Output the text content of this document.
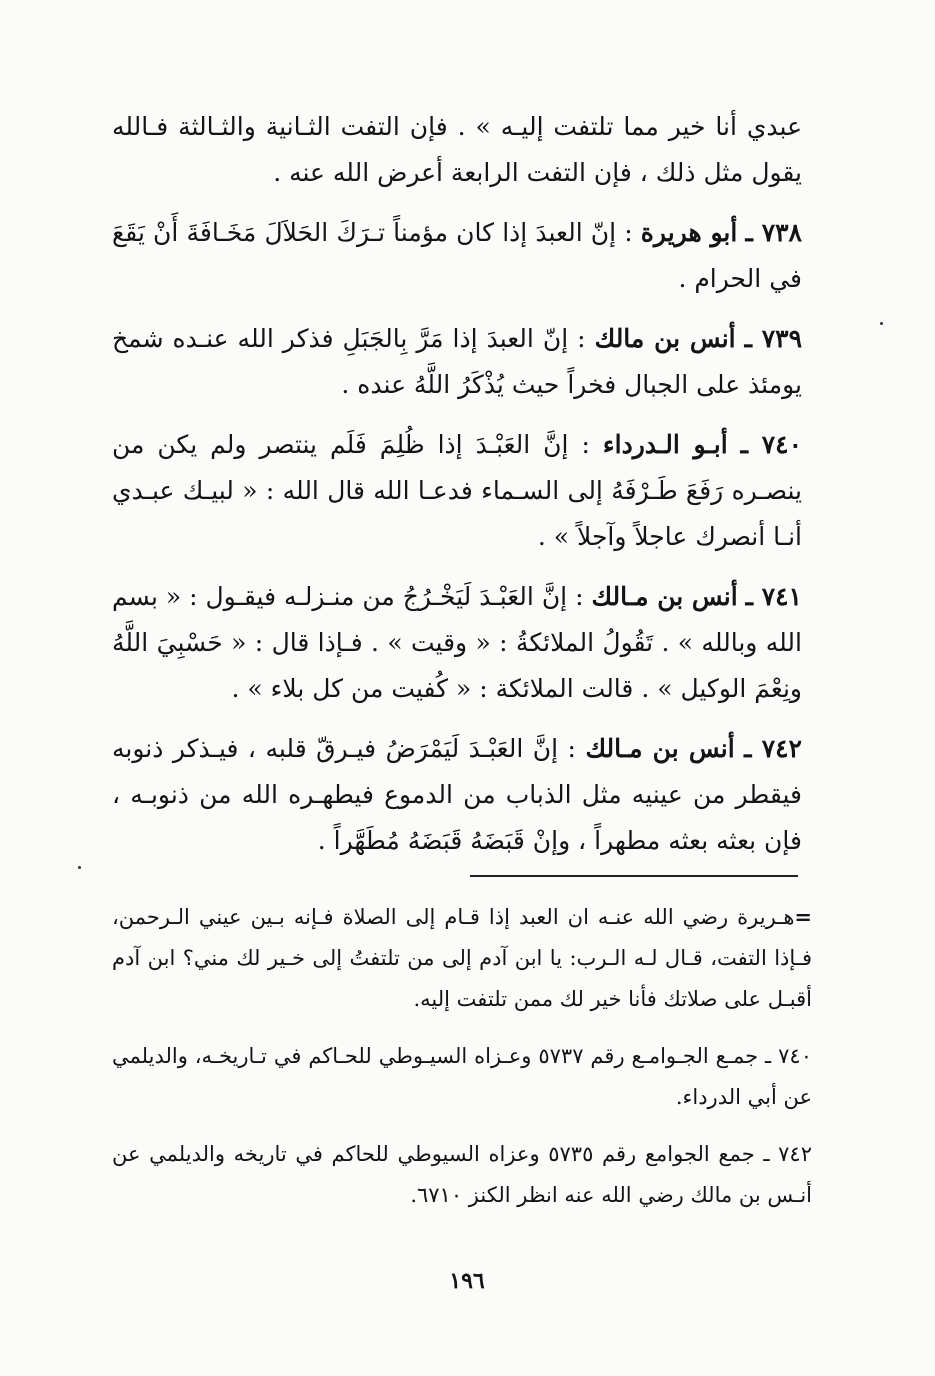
عبدي أنا خير مما تلتفت إليـه » . فإن التفت الثـانية والثـالثة فـالله يقول مثل ذلك ، فإن التفت الرابعة أعرض الله عنه .

٧٣٨ ـ أبو هريرة : إنّ العبدَ إذا كان مؤمناً تـرَكَ الحَلاَلَ مَخَـافَةَ أَنْ يَقَعَ في الحرام .

٧٣٩ ـ أنس بن مالك : إنّ العبدَ إذا مَرَّ بِالجَبَلِ فذكر الله عنـده شمخ يومئذ على الجبال فخراً حيث يُذْكَرُ اللَّهُ عنده .

٧٤٠ ـ أبـو الـدرداء : إنَّ العَبْـدَ إذا ظُلِمَ فَلَم ينتصر ولم يكن من ينصـره رَفَعَ طَـرْفَهُ إلى السـماء فدعـا الله قال الله : « لبيـك عبـدي أنـا أنصرك عاجلاً وآجلاً » .

٧٤١ ـ أنس بن مـالك : إنَّ العَبْـدَ لَيَخْـرُجُ من منـزلـه فيقـول : « بسم الله وبالله » . تَقُولُ الملائكةُ : « وقيت » . فـإذا قال : « حَسْبِيَ اللَّهُ ونِعْمَ الوكيل » . قالت الملائكة : « كُفيت من كل بلاء » .

٧٤٢ ـ أنس بن مـالك : إنَّ العَبْـدَ لَيَمْرَضُ فيـرقّ قلبه ، فيـذكر ذنوبه فيقطر من عينيه مثل الذباب من الدموع فيطهـره الله من ذنوبـه ، فإن بعثه بعثه مطهراً ، وإنْ قَبَضَهُ قَبَضَهُ مُطَهَّراً .

=هـريرة رضي الله عنـه ان العبد إذا قـام إلى الصلاة فـإنه بـين عيني الـرحمن، فـإذا التفت، قـال لـه الـرب: يا ابن آدم إلى من تلتفتُ إلى خـير لك مني؟ ابن آدم أقبـل على صلاتك فأنا خير لك ممن تلتفت إليه.

٧٤٠ ـ جمـع الجـوامـع رقم ٥٧٣٧ وعـزاه السيـوطي للحـاكم في تـاريخـه، والديلمي عن أبي الدرداء.

٧٤٢ ـ جمع الجوامع رقم ٥٧٣٥ وعزاه السيوطي للحاكم في تاريخه والديلمي عن أنـس بن مالك رضي الله عنه انظر الكنز ٦٧١٠.

١٩٦
